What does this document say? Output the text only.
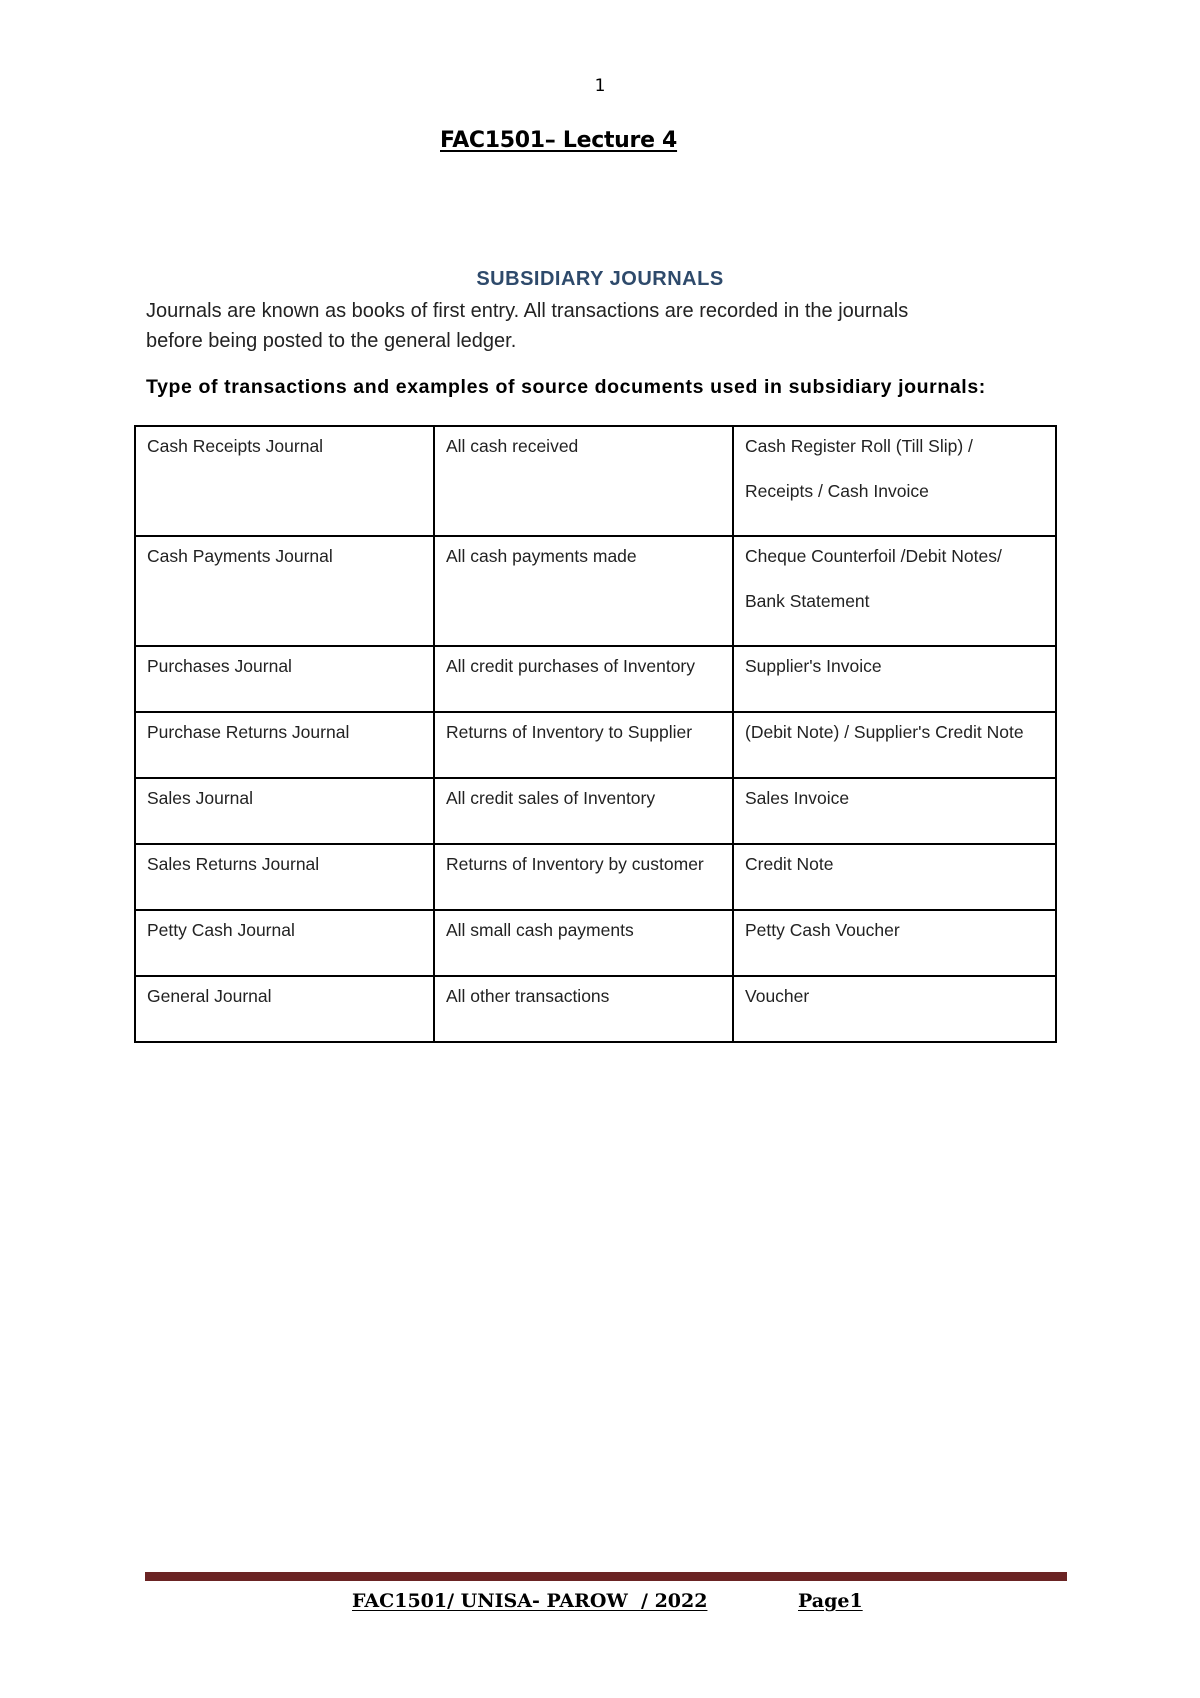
1
FAC1501– Lecture 4
SUBSIDIARY JOURNALS
Journals are known as books of first entry. All transactions are recorded in the journals
before being posted to the general ledger.
Type of transactions and examples of source documents used in subsidiary journals:
Cash Receipts Journal	All cash received	Cash Register Roll (Till Slip) /
Receipts / Cash Invoice

Cash Payments Journal	All cash payments made	Cheque Counterfoil /Debit Notes/
Bank Statement

Purchases Journal	All credit purchases of Inventory	Supplier's Invoice

Purchase Returns Journal	Returns of Inventory to Supplier	(Debit Note) / Supplier's Credit Note

Sales Journal	All credit sales of Inventory	Sales Invoice

Sales Returns Journal	Returns of Inventory by customer	Credit Note

Petty Cash Journal	All small cash payments	Petty Cash Voucher

General Journal	All other transactions	Voucher
FAC1501/ UNISA- PAROW  / 2022	Page1
